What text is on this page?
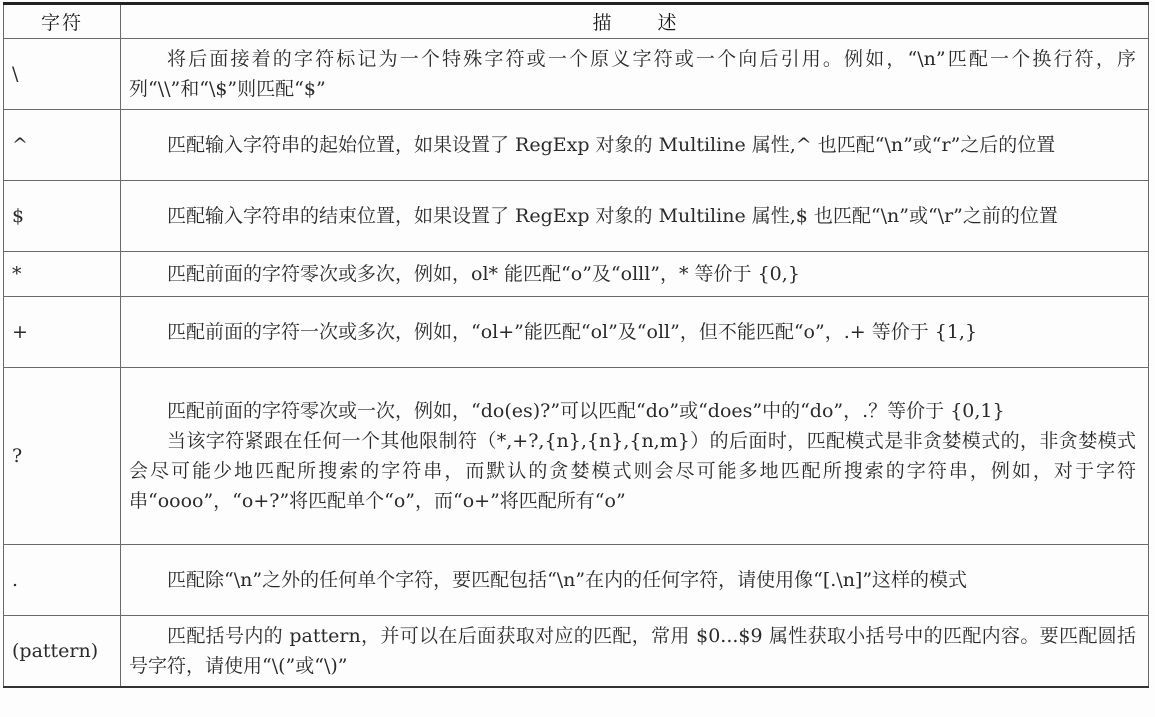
字符	描述
\	将后面接着的字符标记为一个特殊字符或一个原义字符或一个向后引用。例如，“\n”匹配一个换行符，序列“\\”和“\$”则匹配“$”

^	匹配输入字符串的起始位置，如果设置了 RegExp 对象的 Multiline 属性,^ 也匹配“\n”或“r”之后的位置

$	匹配输入字符串的结束位置，如果设置了 RegExp 对象的 Multiline 属性,$ 也匹配“\n”或“\r”之前的位置

*	匹配前面的字符零次或多次，例如，ol* 能匹配“o”及“olll”，* 等价于 {0,}

+	匹配前面的字符一次或多次，例如，“ol+”能匹配“ol”及“oll”，但不能匹配“o”，.+ 等价于 {1,}

?	匹配前面的字符零次或一次，例如，“do(es)?”可以匹配“do”或“does”中的“do”，.？等价于 {0,1}
当该字符紧跟在任何一个其他限制符（*,+?,{n},{n},{n,m}）的后面时，匹配模式是非贪婪模式的，非贪婪模式会尽可能少地匹配所搜索的字符串，而默认的贪婪模式则会尽可能多地匹配所搜索的字符串，例如，对于字符串“oooo”，“o+?”将匹配单个“o”，而“o+”将匹配所有“o”

.	匹配除“\n”之外的任何单个字符，要匹配包括“\n”在内的任何字符，请使用像“[.\n]”这样的模式

(pattern)	匹配括号内的 pattern，并可以在后面获取对应的匹配，常用 $0...$9 属性获取小括号中的匹配内容。要匹配圆括号字符，请使用“\(”或“\)”
